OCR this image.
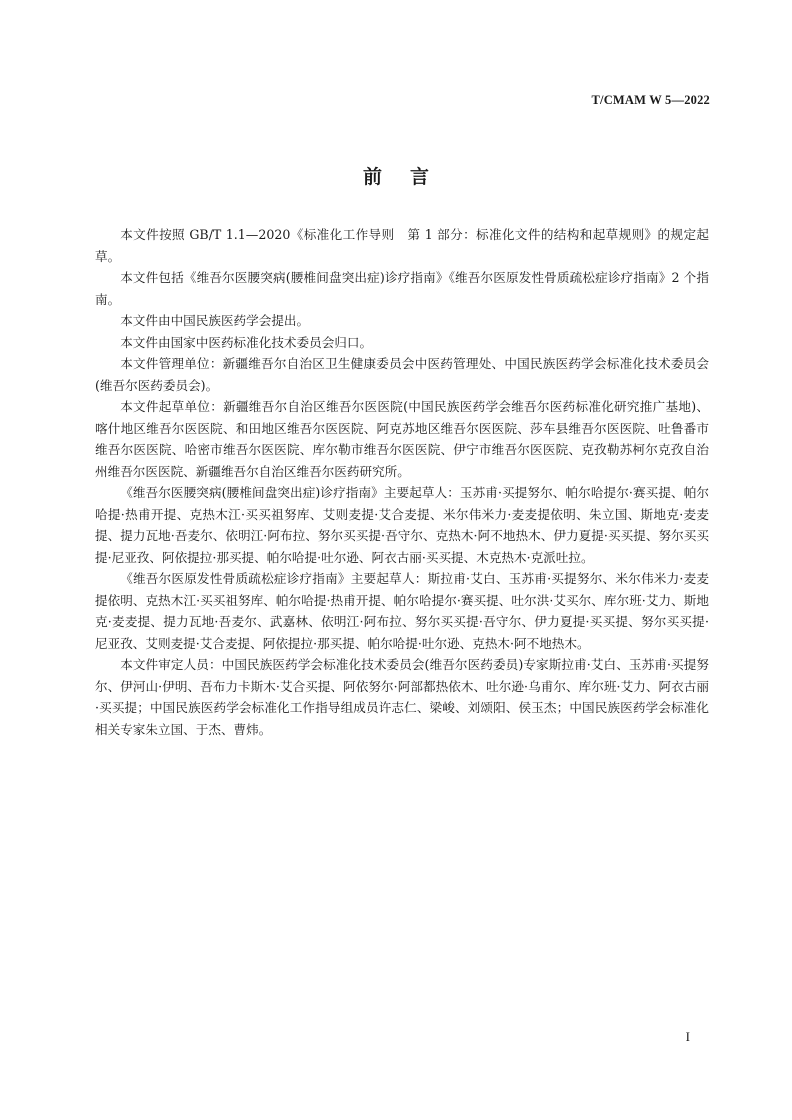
T/CMAM W 5—2022
前言

本文件按照 GB/T 1.1—2020《标准化工作导则　第 1 部分：标准化文件的结构和起草规则》的规定起草。

本文件包括《维吾尔医腰突病(腰椎间盘突出症)诊疗指南》《维吾尔医原发性骨质疏松症诊疗指南》2 个指南。

本文件由中国民族医药学会提出。

本文件由国家中医药标准化技术委员会归口。

本文件管理单位：新疆维吾尔自治区卫生健康委员会中医药管理处、中国民族医药学会标准化技术委员会(维吾尔医药委员会)。

本文件起草单位：新疆维吾尔自治区维吾尔医医院(中国民族医药学会维吾尔医药标准化研究推广基地)、喀什地区维吾尔医医院、和田地区维吾尔医医院、阿克苏地区维吾尔医医院、莎车县维吾尔医医院、吐鲁番市维吾尔医医院、哈密市维吾尔医医院、库尔勒市维吾尔医医院、伊宁市维吾尔医医院、克孜勒苏柯尔克孜自治州维吾尔医医院、新疆维吾尔自治区维吾尔医药研究所。

《维吾尔医腰突病(腰椎间盘突出症)诊疗指南》主要起草人：玉苏甫·买提努尔、帕尔哈提尔·赛买提、帕尔哈提·热甫开提、克热木江·买买祖努库、艾则麦提·艾合麦提、米尔伟米力·麦麦提依明、朱立国、斯地克·麦麦提、提力瓦地·吾麦尔、依明江·阿布拉、努尔买买提·吾守尔、克热木·阿不地热木、伊力夏提·买买提、努尔买买提·尼亚孜、阿依提拉·那买提、帕尔哈提·吐尔逊、阿衣古丽·买买提、木克热木·克派吐拉。

《维吾尔医原发性骨质疏松症诊疗指南》主要起草人：斯拉甫·艾白、玉苏甫·买提努尔、米尔伟米力·麦麦提依明、克热木江·买买祖努库、帕尔哈提·热甫开提、帕尔哈提尔·赛买提、吐尔洪·艾买尔、库尔班·艾力、斯地克·麦麦提、提力瓦地·吾麦尔、武嘉林、依明江·阿布拉、努尔买买提·吾守尔、伊力夏提·买买提、努尔买买提·尼亚孜、艾则麦提·艾合麦提、阿依提拉·那买提、帕尔哈提·吐尔逊、克热木·阿不地热木。

本文件审定人员：中国民族医药学会标准化技术委员会(维吾尔医药委员)专家斯拉甫·艾白、玉苏甫·买提努尔、伊河山·伊明、吾布力卡斯木·艾合买提、阿依努尔·阿部都热依木、吐尔逊·乌甫尔、库尔班·艾力、阿衣古丽·买买提；中国民族医药学会标准化工作指导组成员许志仁、梁峻、刘颂阳、侯玉杰；中国民族医药学会标准化相关专家朱立国、于杰、曹炜。

I
